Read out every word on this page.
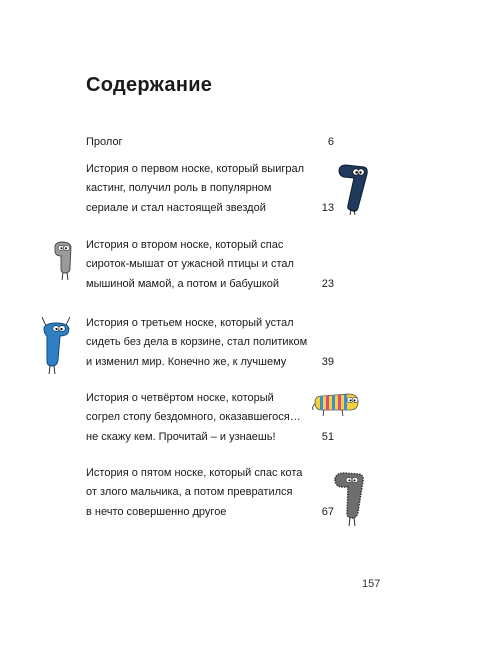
Содержание
Пролог	6
История о первом носке, который выиграл
кастинг, получил роль в популярном
сериале и стал настоящей звездой	13
История о втором носке, который спас
сироток-мышат от ужасной птицы и стал
мышиной мамой, а потом и бабушкой	23
История о третьем носке, который устал
сидеть без дела в корзине, стал политиком
и изменил мир. Конечно же, к лучшему	39
История о четвёртом носке, который
согрел стопу бездомного, оказавшегося…
не скажу кем. Прочитай – и узнаешь!	51
История о пятом носке, который спас кота
от злого мальчика, а потом превратился
в нечто совершенно другое	67
157
